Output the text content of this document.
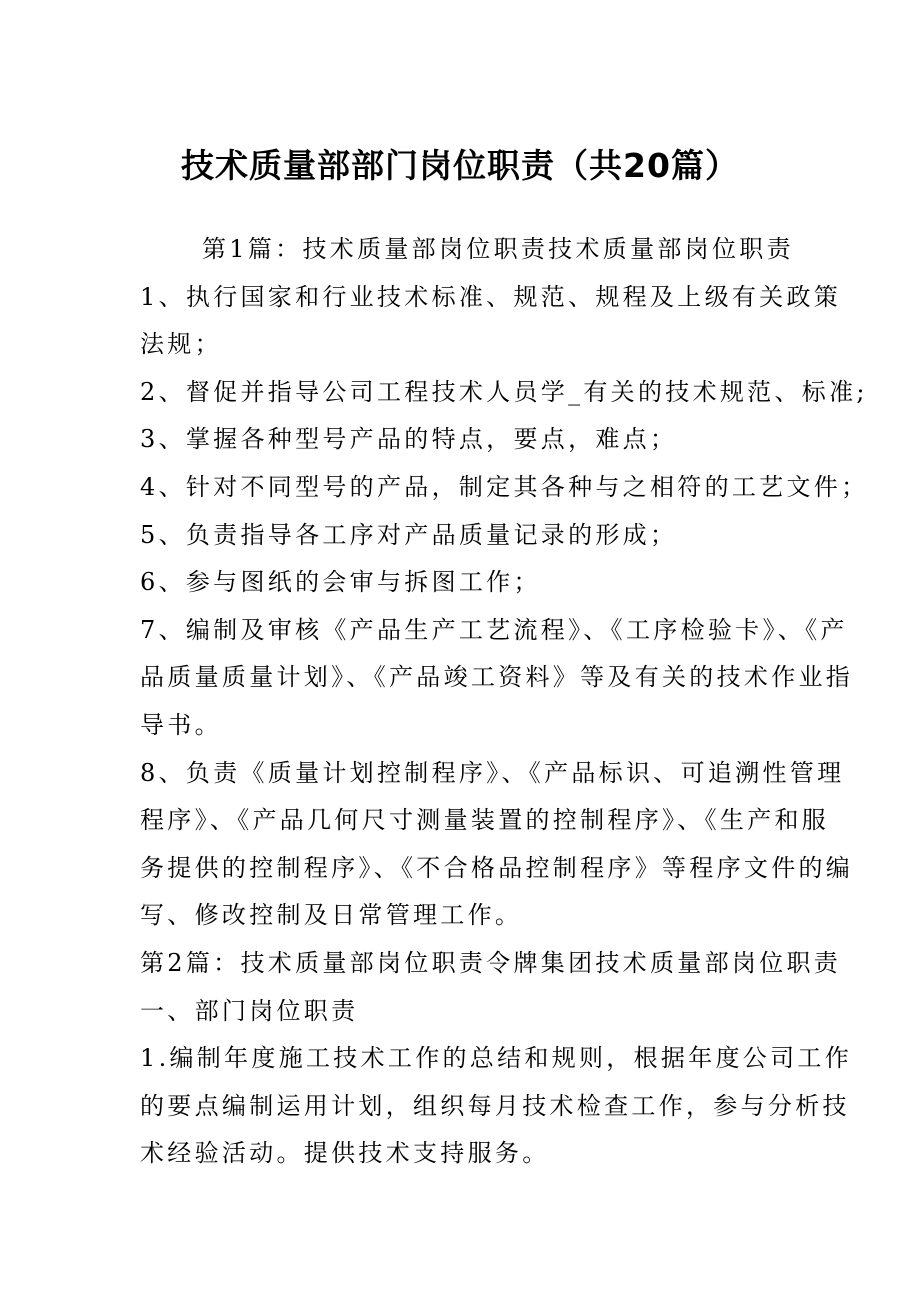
技术质量部部门岗位职责（共20篇）
第1篇：技术质量部岗位职责技术质量部岗位职责
1、执行国家和行业技术标准、规范、规程及上级有关政策
法规；
2、督促并指导公司工程技术人员学_有关的技术规范、标准;
3、掌握各种型号产品的特点，要点，难点；
4、针对不同型号的产品，制定其各种与之相符的工艺文件；
5、负责指导各工序对产品质量记录的形成；
6、参与图纸的会审与拆图工作；
7、编制及审核《产品生产工艺流程》、《工序检验卡》、《产
品质量质量计划》、《产品竣工资料》等及有关的技术作业指
导书。
8、负责《质量计划控制程序》、《产品标识、可追溯性管理
程序》、《产品几何尺寸测量装置的控制程序》、《生产和服
务提供的控制程序》、《不合格品控制程序》等程序文件的编
写、修改控制及日常管理工作。
第2篇：技术质量部岗位职责令牌集团技术质量部岗位职责
一、部门岗位职责
1.编制年度施工技术工作的总结和规则，根据年度公司工作
的要点编制运用计划，组织每月技术检查工作，参与分析技
术经验活动。提供技术支持服务。
